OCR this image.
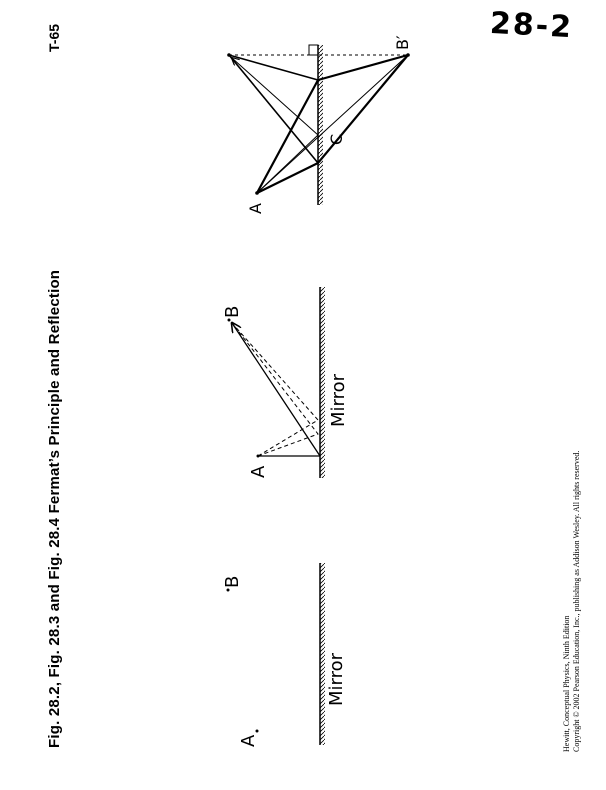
Fig. 28.2, Fig. 28.3 and Fig. 28.4 Fermat’s Principle and Reflection
T-65	28-2
A
B
Mirror
A
B
Mirror
A
B′
C
Hewitt, Conceptual Physics, Ninth Edition Copyright © 2002 Pearson Education, Inc., publishing as Addison Wesley. All rights reserved.
